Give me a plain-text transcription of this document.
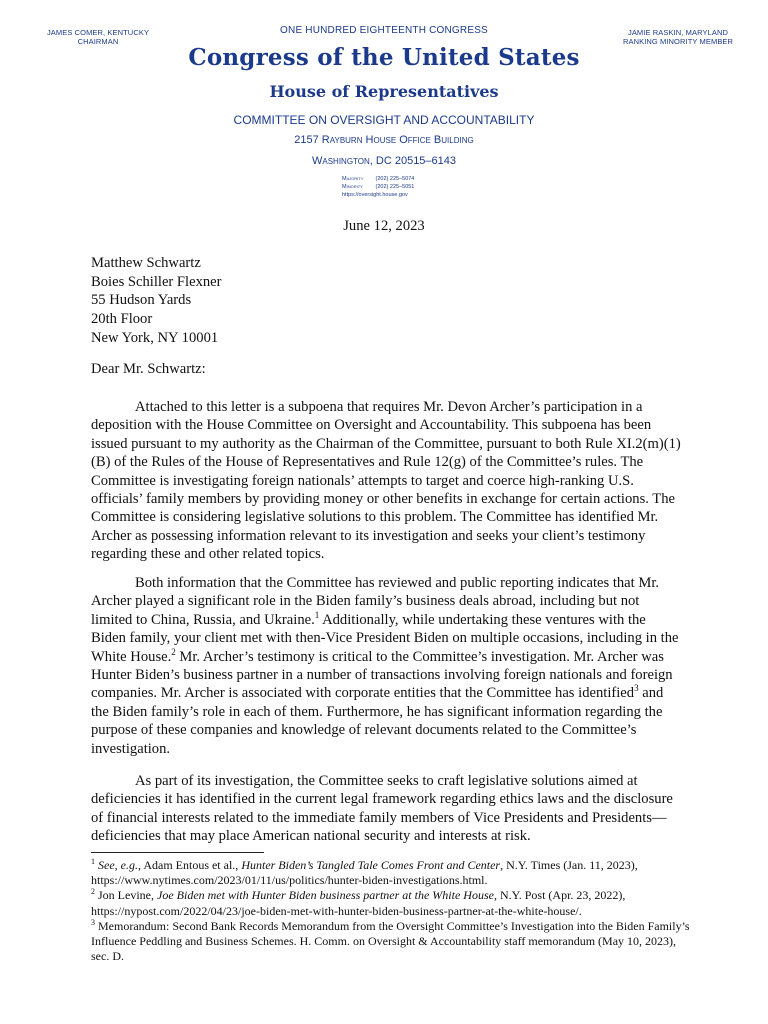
JAMES COMER, KENTUCKY
CHAIRMAN
ONE HUNDRED EIGHTEENTH CONGRESS	JAMIE RASKIN, MARYLAND
RANKING MINORITY MEMBER
Congress of the United States
House of Representatives
COMMITTEE ON OVERSIGHT AND ACCOUNTABILITY
2157 Rayburn House Office Building
Washington, DC 20515–6143
Majority (202) 225–5074
Minority (202) 225–5051
https://oversight.house.gov
June 12, 2023
Matthew Schwartz
Boies Schiller Flexner
55 Hudson Yards
20th Floor
New York, NY 10001
Dear Mr. Schwartz:
Attached to this letter is a subpoena that requires Mr. Devon Archer’s participation in a deposition with the House Committee on Oversight and Accountability. This subpoena has been issued pursuant to my authority as the Chairman of the Committee, pursuant to both Rule XI.2(m)(1)(B) of the Rules of the House of Representatives and Rule 12(g) of the Committee’s rules. The Committee is investigating foreign nationals’ attempts to target and coerce high-ranking U.S. officials’ family members by providing money or other benefits in exchange for certain actions. The Committee is considering legislative solutions to this problem. The Committee has identified Mr. Archer as possessing information relevant to its investigation and seeks your client’s testimony regarding these and other related topics.
Both information that the Committee has reviewed and public reporting indicates that Mr. Archer played a significant role in the Biden family’s business deals abroad, including but not limited to China, Russia, and Ukraine.$^1$ Additionally, while undertaking these ventures with the Biden family, your client met with then-Vice President Biden on multiple occasions, including in the White House.$^2$ Mr. Archer’s testimony is critical to the Committee’s investigation. Mr. Archer was Hunter Biden’s business partner in a number of transactions involving foreign nationals and foreign companies. Mr. Archer is associated with corporate entities that the Committee has identified$^3$ and the Biden family’s role in each of them. Furthermore, he has significant information regarding the purpose of these companies and knowledge of relevant documents related to the Committee’s investigation.
As part of its investigation, the Committee seeks to craft legislative solutions aimed at deficiencies it has identified in the current legal framework regarding ethics laws and the disclosure of financial interests related to the immediate family members of Vice Presidents and Presidents—deficiencies that may place American national security and interests at risk.
$^1$ See, e.g., Adam Entous et al., Hunter Biden’s Tangled Tale Comes Front and Center, N.Y. Times (Jan. 11, 2023), https://www.nytimes.com/2023/01/11/us/politics/hunter-biden-investigations.html.
$^2$ Jon Levine, Joe Biden met with Hunter Biden business partner at the White House, N.Y. Post (Apr. 23, 2022), https://nypost.com/2022/04/23/joe-biden-met-with-hunter-biden-business-partner-at-the-white-house/.
$^3$ Memorandum: Second Bank Records Memorandum from the Oversight Committee’s Investigation into the Biden Family’s Influence Peddling and Business Schemes. H. Comm. on Oversight & Accountability staff memorandum (May 10, 2023), sec. D.
